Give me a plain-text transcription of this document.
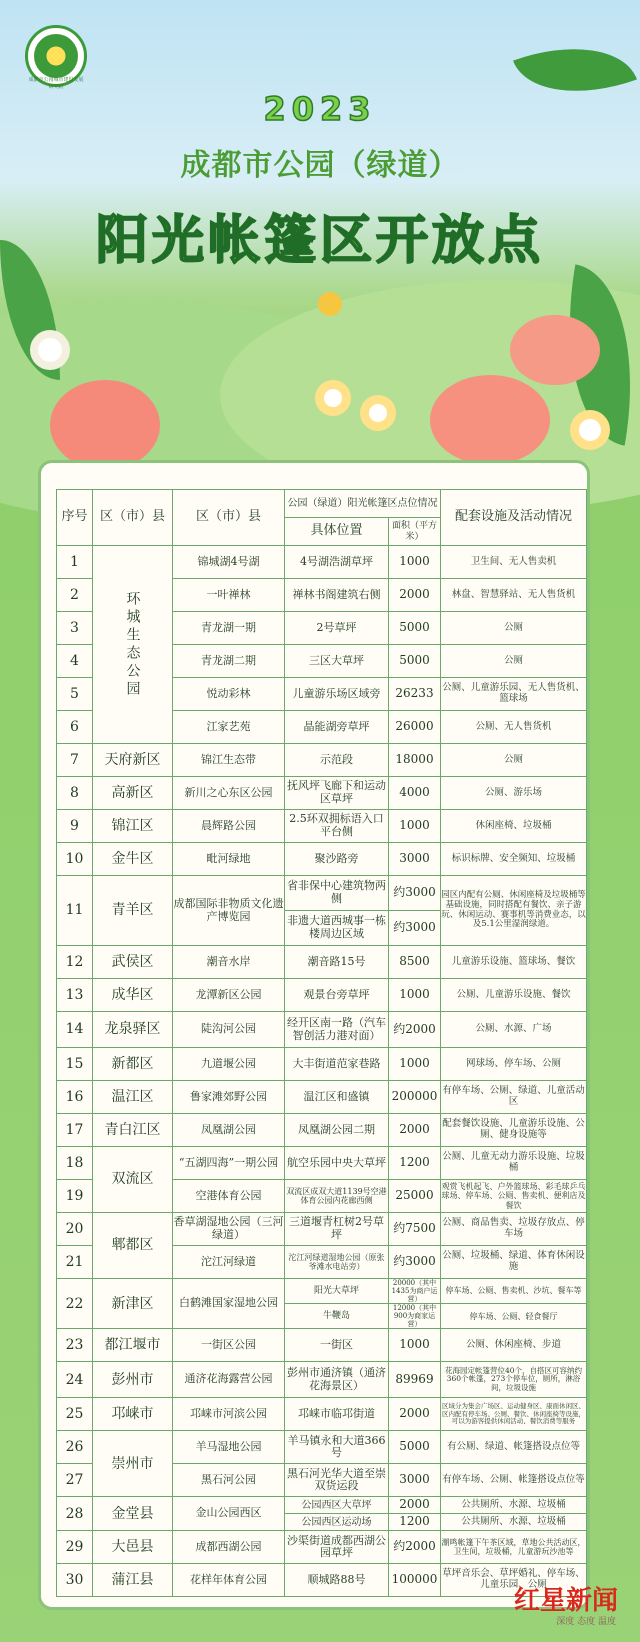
成都市公园城市建设发展研究院
2023
成都市公园（绿道）
阳光帐篷区开放点
序号	区（市）县	区（市）县	公园（绿道）阳光帐篷区点位情况		配套设施及活动情况
			具体位置	面积（平方米）	
1	环城生态公园	锦城湖4号湖	4号湖浩湖草坪	1000	卫生间、无人售卖机
2		一叶禅林	禅林书阁建筑右侧	2000	林盘、智慧驿站、无人售货机
3		青龙湖一期	2号草坪	5000	公厕
4		青龙湖二期	三区大草坪	5000	公厕
5		悦动彩林	儿童游乐场区域旁	26233	公厕、儿童游乐园、无人售货机、篮球场
6		江家艺苑	晶能湖旁草坪	26000	公厕、无人售货机
7	天府新区	锦江生态带	示范段	18000	公厕
8	高新区	新川之心东区公园	抚风坪飞廊下和运动区草坪	4000	公厕、游乐场
9	锦江区	晨辉路公园	2.5环双拥标语入口平台侧	1000	休闲座椅、垃圾桶
10	金牛区	毗河绿地	聚沙路旁	3000	标识标牌、安全频知、垃圾桶
11	青羊区	成都国际非物质文化遗产博览园	省非保中心建筑物两侧	约3000	园区内配有公厕、休闲座椅及垃圾桶等基础设施，同时搭配有餐饮、亲子游玩、休闲运动、赛事机等消费业态，以及5.1公里湿润绿道。
			非遗大道西城事一栋楼周边区域	约3000	
12	武侯区	潮音水岸	潮音路15号	8500	儿童游乐设施、篮球场、餐饮
13	成华区	龙潭新区公园	观景台旁草坪	1000	公厕、儿童游乐设施、餐饮
14	龙泉驿区	陡沟河公园	经开区南一路（汽车智创活力港对面）	约2000	公厕、水源、广场
15	新都区	九道堰公园	大丰街道范家巷路	1000	网球场、停车场、公厕
16	温江区	鲁家滩郊野公园	温江区和盛镇	200000	有停车场、公厕、绿道、儿童活动区
17	青白江区	凤凰湖公园	凤凰湖公园二期	2000	配套餐饮设施、儿童游乐设施、公厕、健身设施等
18	双流区	“五湖四海”一期公园	航空乐园中央大草坪	1200	公厕、儿童无动力游乐设施、垃圾桶
19		空港体育公园	双流区成双大道1139号空港体育公园内花廊西侧	25000	观赏飞机起飞、户外篮球场、彩毛球乒乓球场、停车场、公厕、售卖机、便利店及餐饮
20	郫都区	香草湖湿地公园（三河绿道）	三道堰青杠树2号草坪	约7500	公厕、商品售卖、垃圾存放点、停车场
21		沱江河绿道	沱江河绿道湿地公园（原张爷滩水电站旁）	约3000	公厕、垃圾桶、绿道、体育休闲设施
22	新津区	白鹤滩国家湿地公园	阳光大草坪	20000（其中1435为商户运营）	停车场、公厕、售卖机、沙坑、餐车等
			牛鞭岛	12000（其中900为商家运营）	停车场、公厕、轻食餐厅
23	都江堰市	一街区公园	一街区	1000	公厕、休闲座椅、步道
24	彭州市	通济花海露营公园	彭州市通济镇（通济花海景区）	89969	花海园定帐篷营位40个，自搭区可容纳约360个帐篷，273个停车位，厕所，淋浴间，垃圾设施
25	邛崃市	邛崃市河滨公园	邛崃市临邛街道	2000	区域分为集会广场区、运动健身区、康面休闲区、区内配有停车场、公厕、餐饮、休闲座椅等设施，可以为游客提供休闲活动、餐饮消费等服务
26	崇州市	羊马湿地公园	羊马镇永和大道366号	5000	有公厕、绿道、帐篷搭设点位等
27		黑石河公园	黑石河光华大道至崇双货运段	3000	有停车场、公厕、帐篷搭设点位等
28	金堂县	金山公园西区	公园西区大草坪	2000	公共厕所、水源、垃圾桶
			公园西区运动场	1200	公共厕所、水源、垃圾桶
29	大邑县	成都西湖公园	沙渠街道成都西湖公园草坪	约2000	潮鸣帐篷下午茶区域，草地公共活动区，卫生间，垃圾桶，儿童游玩沙池等
30	蒲江县	花样年体育公园	顺城路88号	100000	草坪音乐会、草坪婚礼、停车场、儿童乐园、公厕
红星新闻
深度 态度 温度
